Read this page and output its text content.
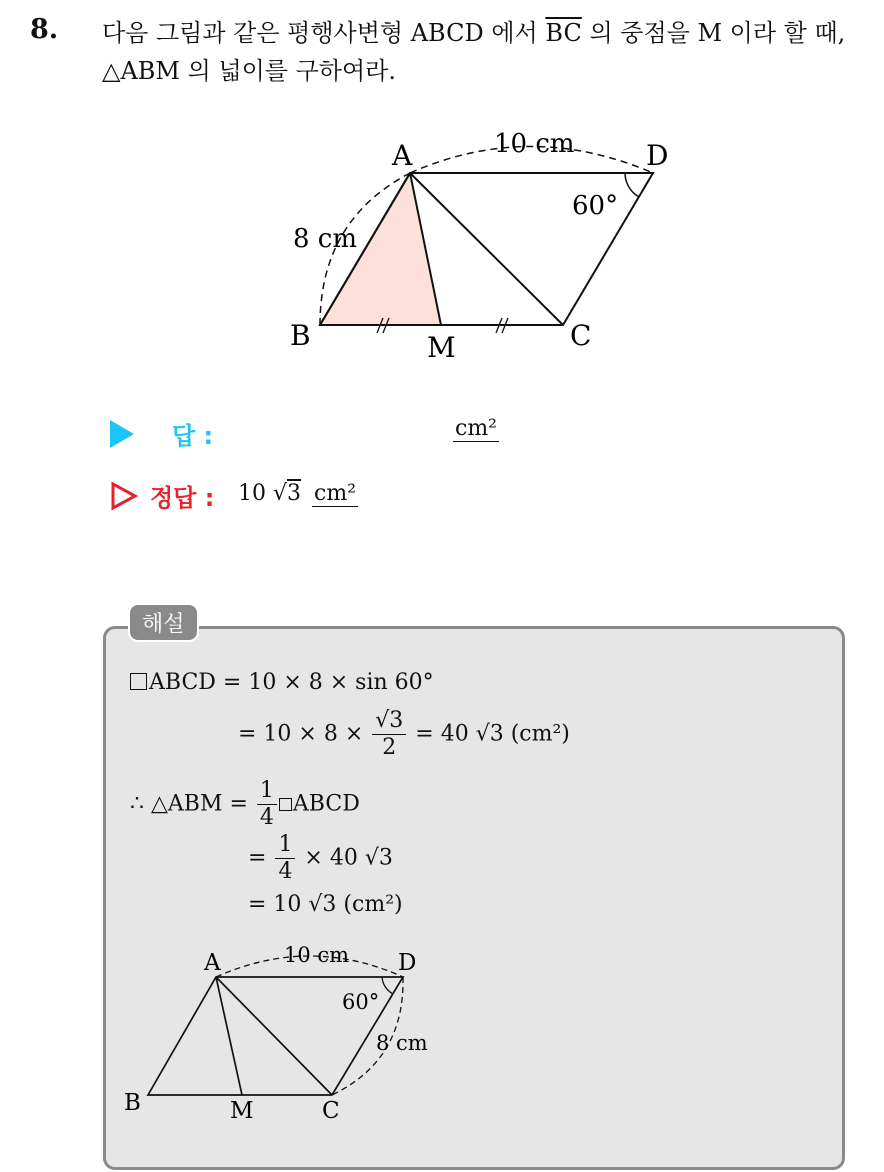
8. 다음 그림과 같은 평행사변형 ABCD 에서 $\overline{BC}$ 의 중점을 M 이라 할 때, △ABM 의 넓이를 구하여라.
A	D
B	C
M
10 cm
8 cm
60°
답 :	cm²
정답 : 10 √3 cm²
해설
ABCD = 10 × 8 × sin 60°
= $10 \times 8 \times \frac{√3}{2} = 40$ √3 (cm²)
∴ △ABM = $\frac{1}{4}$ ABCD
= $\frac{1}{4} \times 40$ √3
= 10 √3 (cm²)
A	D
B	C
M
10 cm
8 cm
60°
